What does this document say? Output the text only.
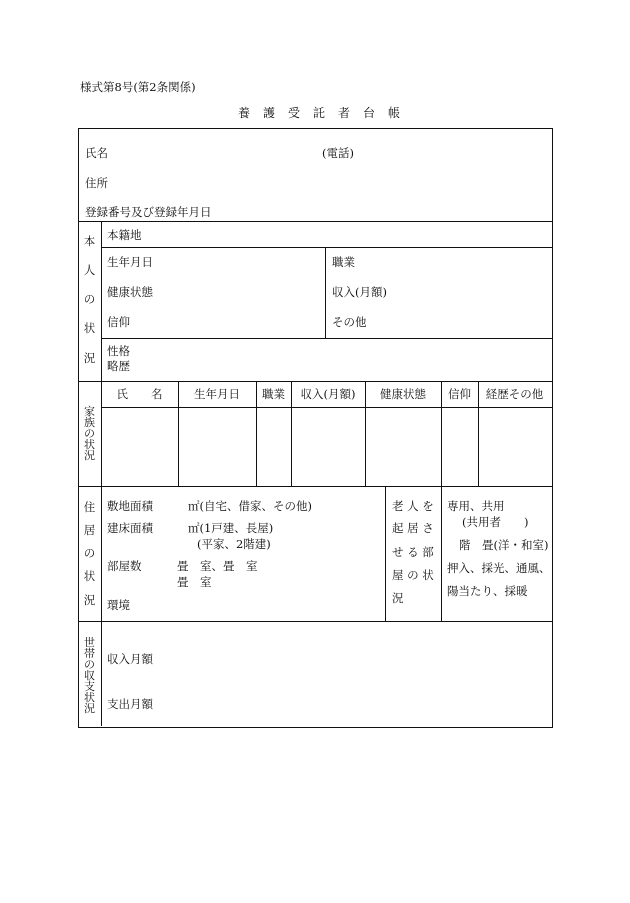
様式第8号(第2条関係)
養護受託者台帳
氏名	(電話)
住所
登録番号及び登録年月日
本
人
の
状
況
本籍地
生年月日	職業
健康状態	収入(月額)
信仰	その他
性格
略歴
家
族
の
状
況
氏　　名	生年月日	職業	収入(月額)	健康状態	信仰	経歴その他
住
居
の
状
況
敷地面積	㎡(自宅、借家、その他)
建床面積	㎡(1戸建、長屋)
(平家、2階建)
部屋数	畳　室、畳　室
畳　室
環境
老 人 を
起 居 さ
せ る 部
屋 の 状
況
専用、共用
(共用者　　)
階　畳(洋・和室)
押入、採光、通風、
陽当たり、採暖
世
帯
の
収
支
状
況
収入月額
支出月額
